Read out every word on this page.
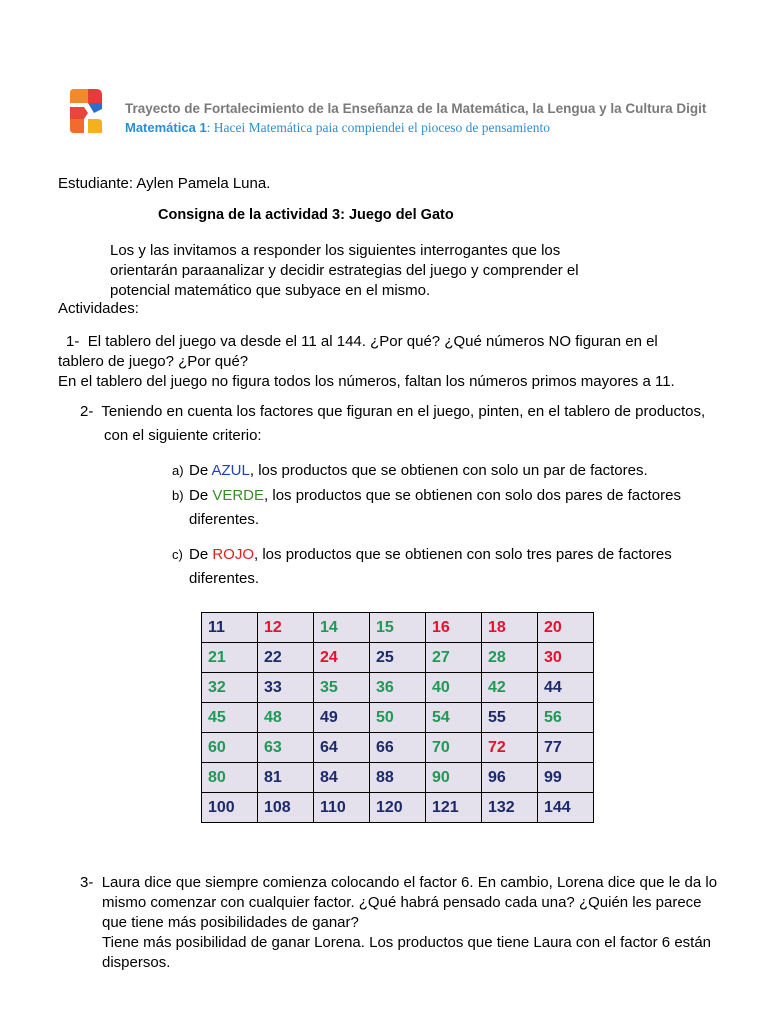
Trayecto de Fortalecimiento de la Enseñanza de la Matemática, la Lengua y la Cultura Digit
Matemática 1: Hacei Matemática paia compiendei el pioceso de pensamiento
Estudiante: Aylen Pamela Luna.
Consigna de la actividad 3: Juego del Gato
Los y las invitamos a responder los siguientes interrogantes que los
orientarán paraanalizar y decidir estrategias del juego y comprender el
potencial matemático que subyace en el mismo.
Actividades:
1- El tablero del juego va desde el 11 al 144. ¿Por qué? ¿Qué números NO figuran en el
tablero de juego? ¿Por qué?
En el tablero del juego no figura todos los números, faltan los números primos mayores a 11.
2- Teniendo en cuenta los factores que figuran en el juego, pinten, en el tablero de productos,
con el siguiente criterio:
a) De AZUL, los productos que se obtienen con solo un par de factores.
b) De VERDE, los productos que se obtienen con solo dos pares de factores
diferentes.
c) De ROJO, los productos que se obtienen con solo tres pares de factores
diferentes.
11	12	14	15	16	18	20
21	22	24	25	27	28	30
32	33	35	36	40	42	44
45	48	49	50	54	55	56
60	63	64	66	70	72	77
80	81	84	88	90	96	99
100	108	110	120	121	132	144
3- Laura dice que siempre comienza colocando el factor 6. En cambio, Lorena dice que le da lo
mismo comenzar con cualquier factor. ¿Qué habrá pensado cada una? ¿Quién les parece
que tiene más posibilidades de ganar?
Tiene más posibilidad de ganar Lorena. Los productos que tiene Laura con el factor 6 están
dispersos.
